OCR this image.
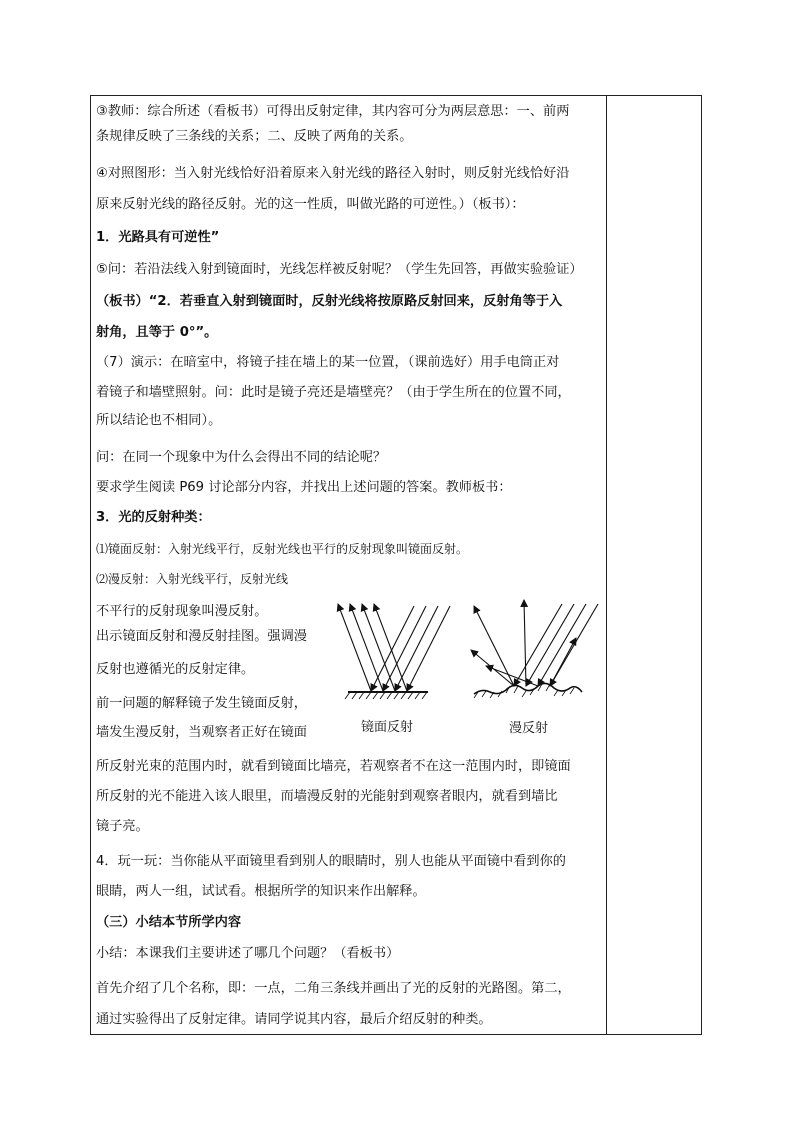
③教师：综合所述（看板书）可得出反射定律，其内容可分为两层意思：一、前两
条规律反映了三条线的关系；二、反映了两角的关系。
④对照图形：当入射光线恰好沿着原来入射光线的路径入射时，则反射光线恰好沿
原来反射光线的路径反射。光的这一性质，叫做光路的可逆性。）（板书）：
1．光路具有可逆性”
⑤问：若沿法线入射到镜面时，光线怎样被反射呢？（学生先回答，再做实验验证）
（板书）“2．若垂直入射到镜面时，反射光线将按原路反射回来，反射角等于入
射角，且等于 0°”。
（7）演示：在暗室中，将镜子挂在墙上的某一位置，（课前选好）用手电筒正对
着镜子和墙壁照射。问：此时是镜子亮还是墙壁亮？（由于学生所在的位置不同，
所以结论也不相同）。
问：在同一个现象中为什么会得出不同的结论呢？
要求学生阅读 P69 讨论部分内容，并找出上述问题的答案。教师板书：
3．光的反射种类：
⑴镜面反射：入射光线平行，反射光线也平行的反射现象叫镜面反射。
⑵漫反射：入射光线平行，反射光线
不平行的反射现象叫漫反射。
出示镜面反射和漫反射挂图。强调漫
反射也遵循光的反射定律。
前一问题的解释镜子发生镜面反射，
墙发生漫反射，当观察者正好在镜面
所反射光束的范围内时，就看到镜面比墙亮，若观察者不在这一范围内时，即镜面
所反射的光不能进入该人眼里，而墙漫反射的光能射到观察者眼内，就看到墙比
镜子亮。
4．玩一玩：当你能从平面镜里看到别人的眼睛时，别人也能从平面镜中看到你的
眼睛，两人一组，试试看。根据所学的知识来作出解释。
（三）小结本节所学内容
小结：本课我们主要讲述了哪几个问题？（看板书）
首先介绍了几个名称，即：一点，二角三条线并画出了光的反射的光路图。第二，
通过实验得出了反射定律。请同学说其内容，最后介绍反射的种类。
镜面反射	漫反射
